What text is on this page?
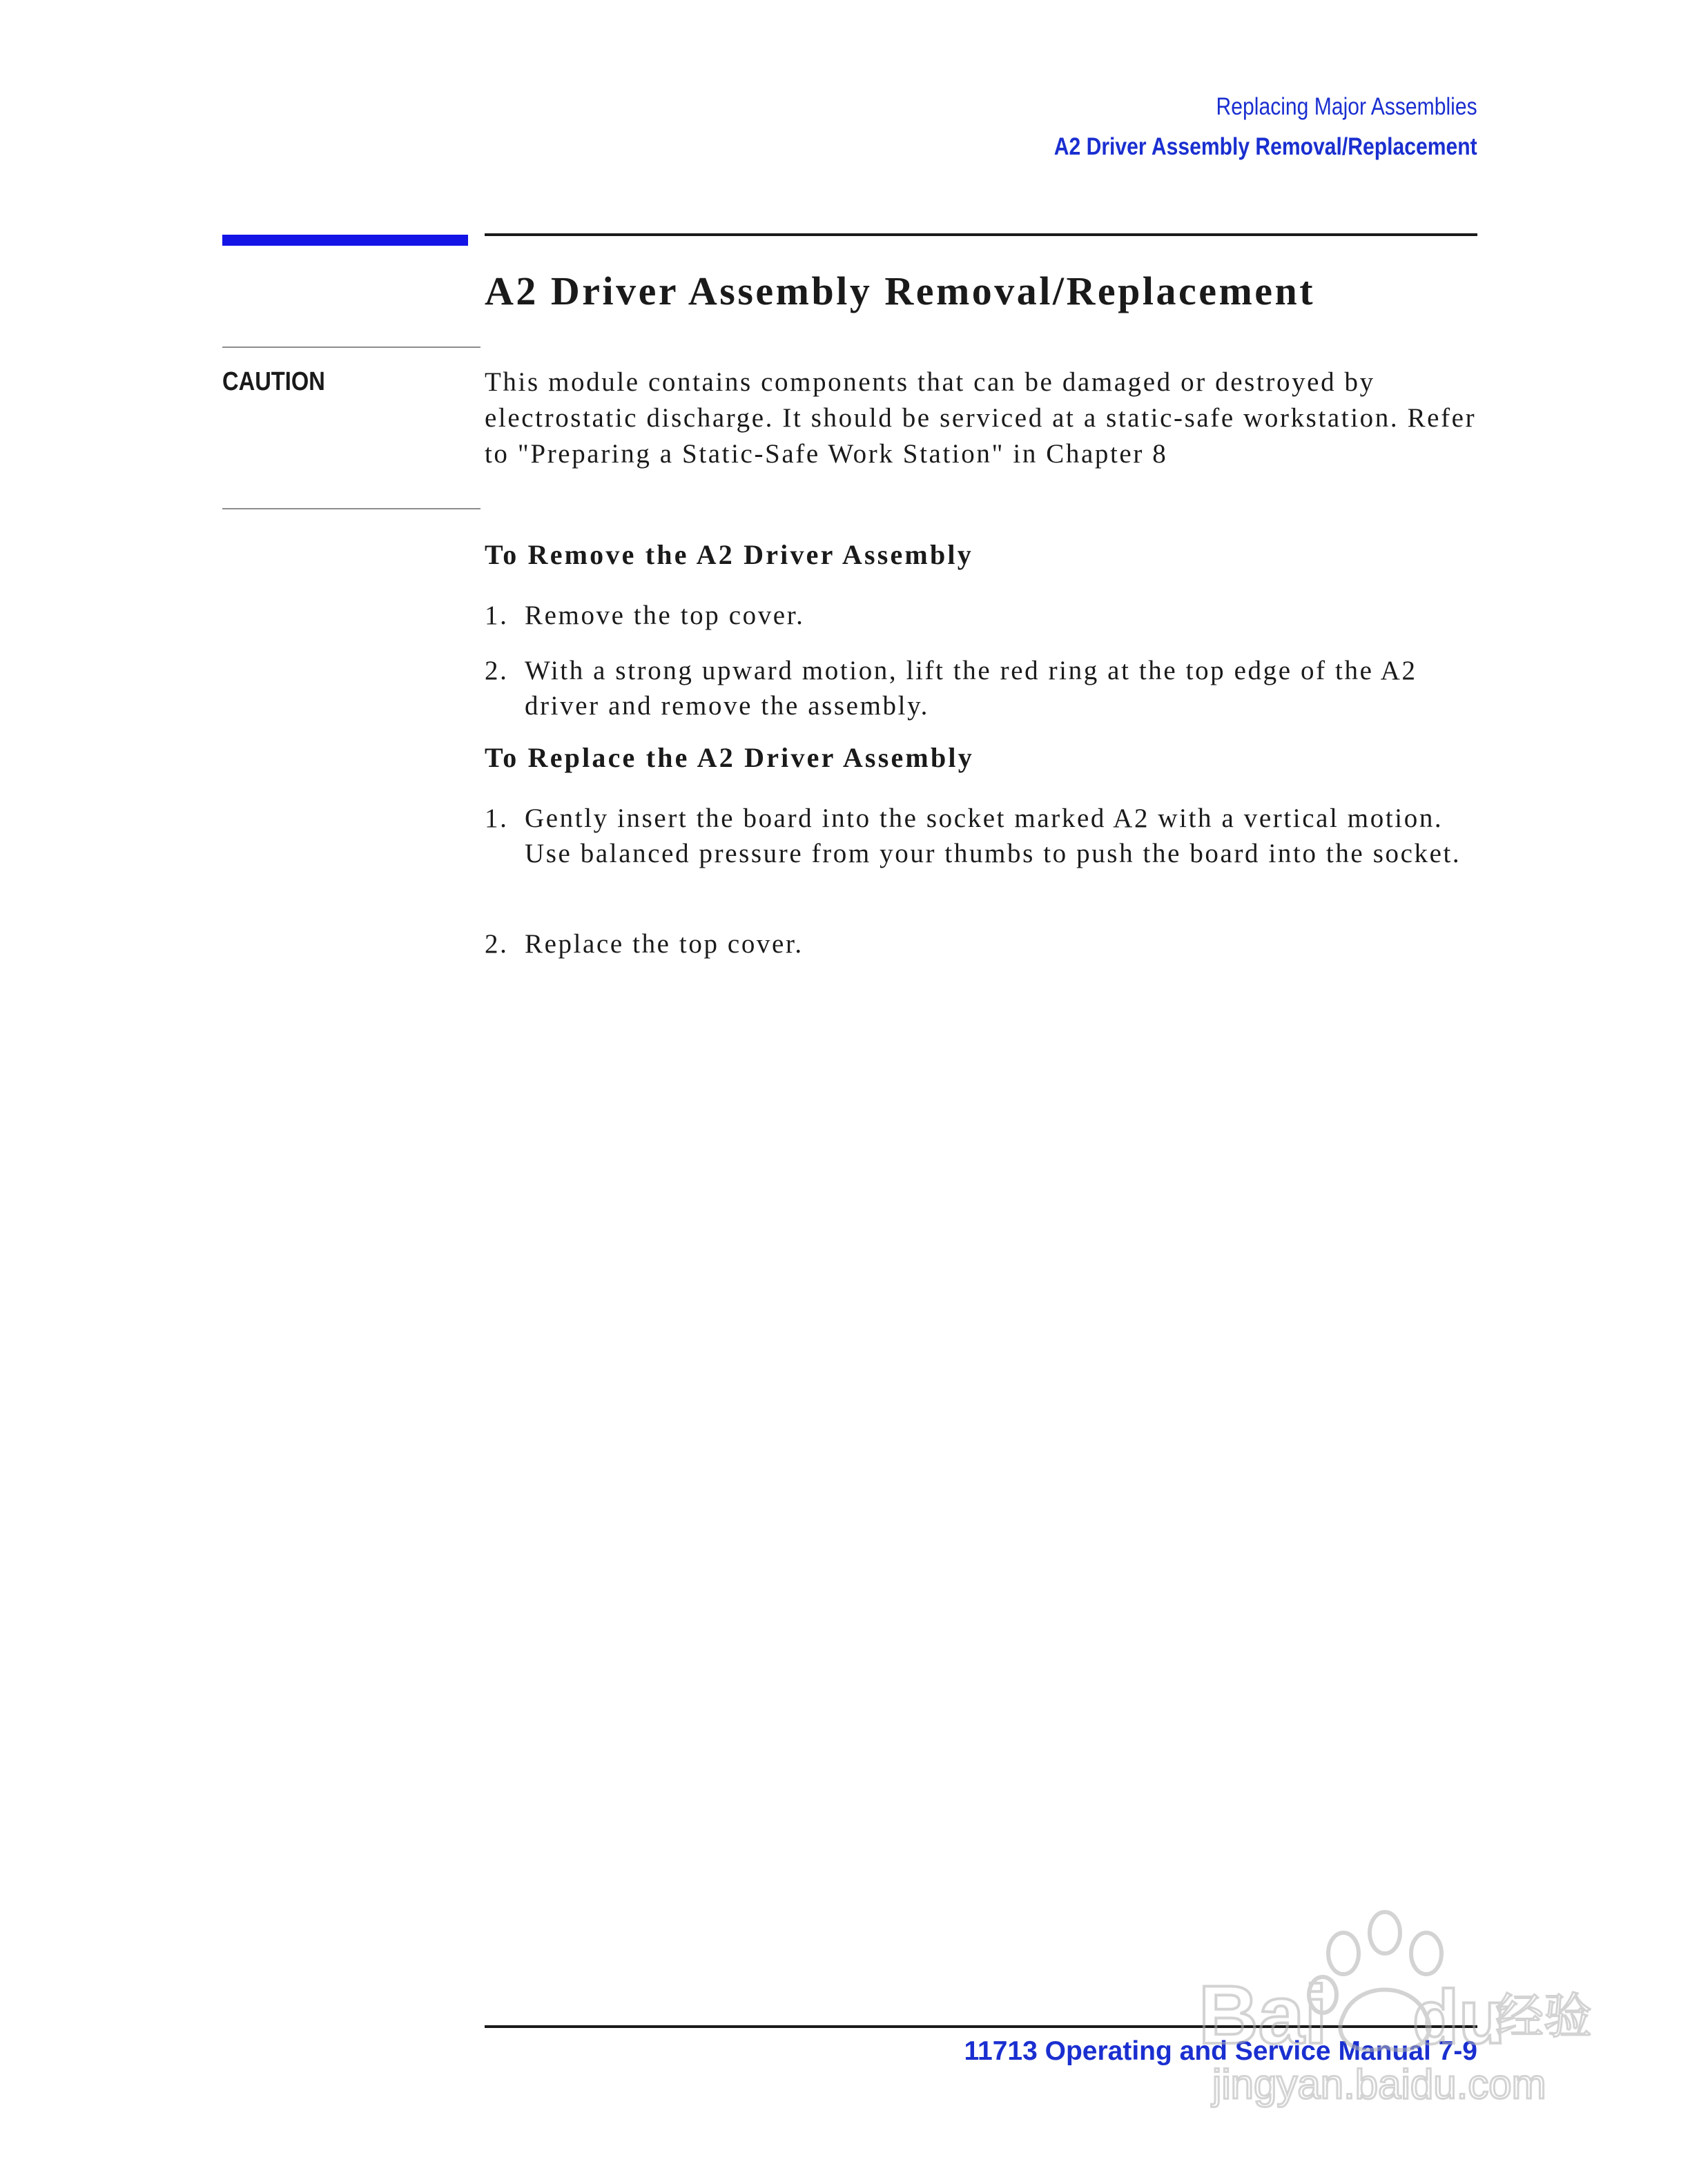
Replacing Major Assemblies
A2 Driver Assembly Removal/Replacement
A2 Driver Assembly Removal/Replacement
CAUTION	This module contains components that can be damaged or destroyed by electrostatic discharge. It should be serviced at a static-safe workstation. Refer to "Preparing a Static-Safe Work Station" in Chapter 8

To Remove the A2 Driver Assembly
1. Remove the top cover.
2. With a strong upward motion, lift the red ring at the top edge of the A2 driver and remove the assembly.
To Replace the A2 Driver Assembly
1. Gently insert the board into the socket marked A2 with a vertical motion. Use balanced pressure from your thumbs to push the board into the socket.
2. Replace the top cover.
11713 Operating and Service Manual 7-9
Bai du
经验
jingyan.baidu.com
